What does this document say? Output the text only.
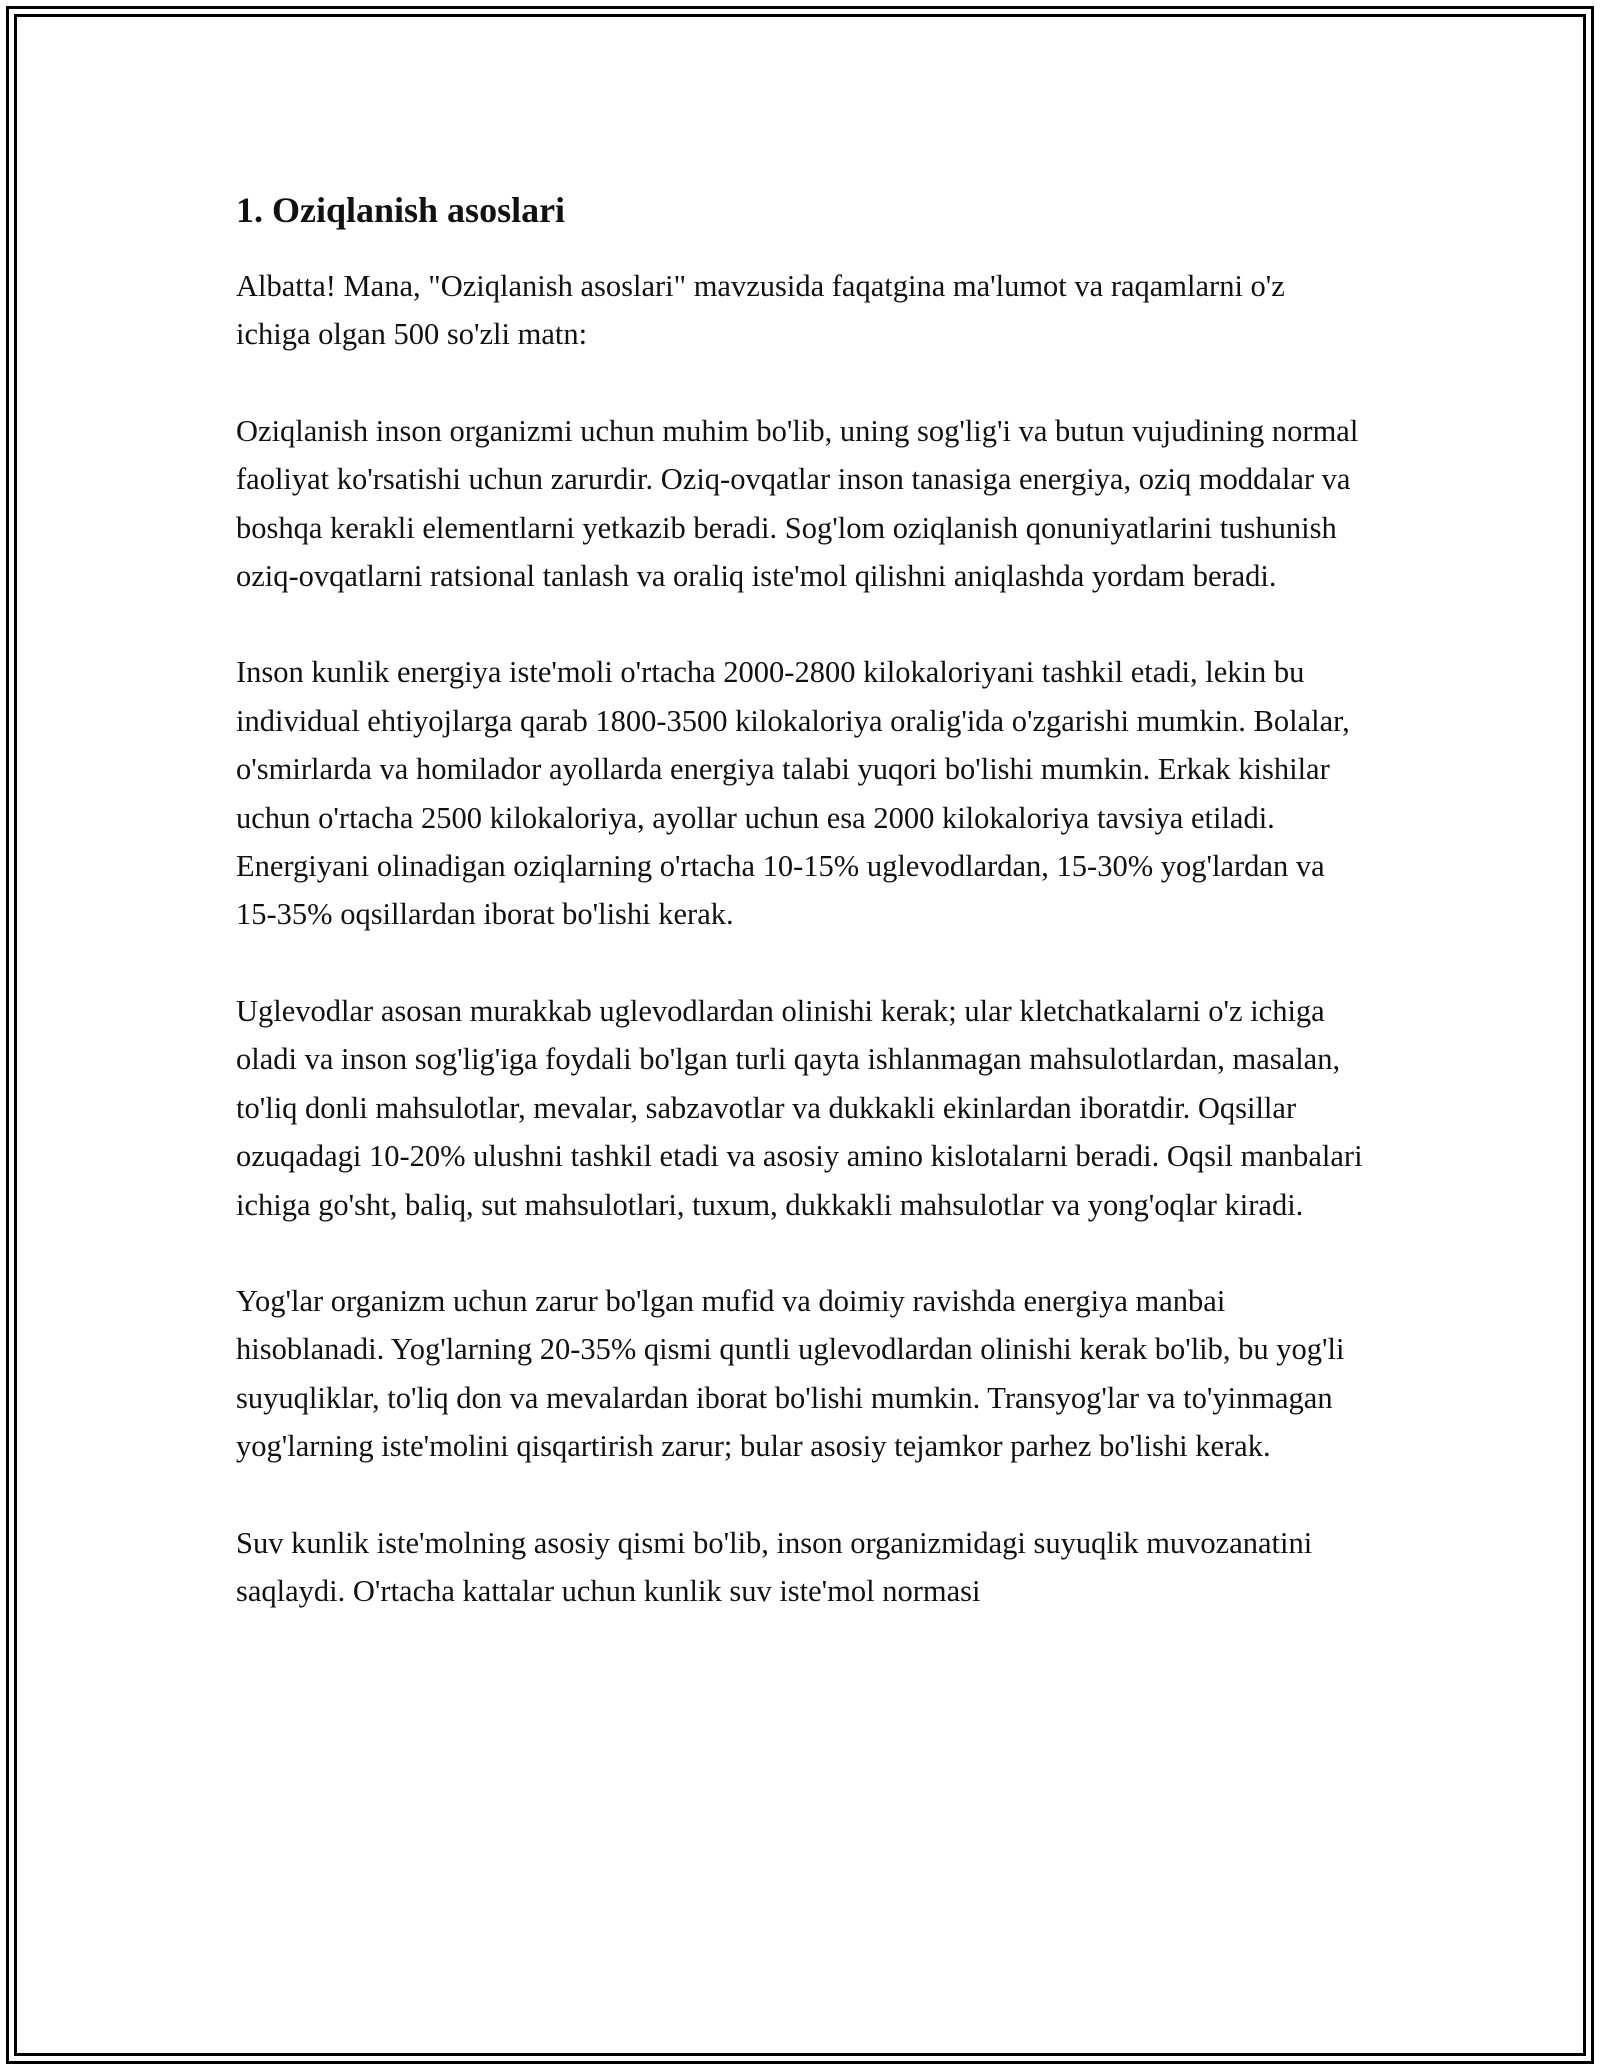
1. Oziqlanish asoslari

Albatta! Mana, "Oziqlanish asoslari" mavzusida faqatgina ma'lumot va raqamlarni o'z ichiga olgan 500 so'zli matn:

Oziqlanish inson organizmi uchun muhim bo'lib, uning sog'lig'i va butun vujudining normal faoliyat ko'rsatishi uchun zarurdir. Oziq-ovqatlar inson tanasiga energiya, oziq moddalar va boshqa kerakli elementlarni yetkazib beradi. Sog'lom oziqlanish qonuniyatlarini tushunish oziq-ovqatlarni ratsional tanlash va oraliq iste'mol qilishni aniqlashda yordam beradi.

Inson kunlik energiya iste'moli o'rtacha 2000-2800 kilokaloriyani tashkil etadi, lekin bu individual ehtiyojlarga qarab 1800-3500 kilokaloriya oralig'ida o'zgarishi mumkin. Bolalar, o'smirlarda va homilador ayollarda energiya talabi yuqori bo'lishi mumkin. Erkak kishilar uchun o'rtacha 2500 kilokaloriya, ayollar uchun esa 2000 kilokaloriya tavsiya etiladi. Energiyani olinadigan oziqlarning o'rtacha 10-15% uglevodlardan, 15-30% yog'lardan va 15-35% oqsillardan iborat bo'lishi kerak.

Uglevodlar asosan murakkab uglevodlardan olinishi kerak; ular kletchatkalarni o'z ichiga oladi va inson sog'lig'iga foydali bo'lgan turli qayta ishlanmagan mahsulotlardan, masalan, to'liq donli mahsulotlar, mevalar, sabzavotlar va dukkakli ekinlardan iboratdir. Oqsillar ozuqadagi 10-20% ulushni tashkil etadi va asosiy amino kislotalarni beradi. Oqsil manbalari ichiga go'sht, baliq, sut mahsulotlari, tuxum, dukkakli mahsulotlar va yong'oqlar kiradi.

Yog'lar organizm uchun zarur bo'lgan mufid va doimiy ravishda energiya manbai hisoblanadi. Yog'larning 20-35% qismi quntli uglevodlardan olinishi kerak bo'lib, bu yog'li suyuqliklar, to'liq don va mevalardan iborat bo'lishi mumkin. Transyog'lar va to'yinmagan yog'larning iste'molini qisqartirish zarur; bular asosiy tejamkor parhez bo'lishi kerak.

Suv kunlik iste'molning asosiy qismi bo'lib, inson organizmidagi suyuqlik muvozanatini saqlaydi. O'rtacha kattalar uchun kunlik suv iste'mol normasi
